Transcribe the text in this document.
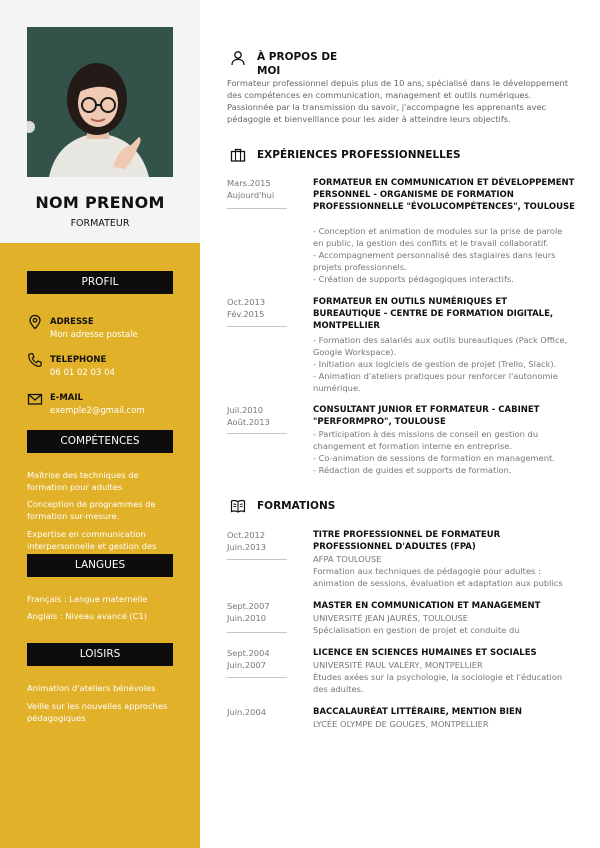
NOM PRENOM
FORMATEUR
PROFIL
ADRESSE
Mon adresse postale
TELEPHONE
06 01 02 03 04
E-MAIL
exemple2@gmail.com
COMPÉTENCES
Maîtrise des techniques de formation pour adultes
Conception de programmes de formation sur-mesure.
Expertise en communication interpersonnelle et gestion des
LANGUES
Français : Langue maternelle
Anglais : Niveau avancé (C1)
LOISIRS
Animation d'ateliers bénévoles
Veille sur les nouvelles approches pédagogiques
À PROPOS DE
MOI
Formateur professionnel depuis plus de 10 ans, spécialisé dans le développement des compétences en communication, management et outils numériques. Passionnée par la transmission du savoir, j'accompagne les apprenants avec pédagogie et bienveillance pour les aider à atteindre leurs objectifs.
EXPÉRIENCES PROFESSIONNELLES
Mars.2015
Aujourd'hui
FORMATEUR EN COMMUNICATION ET DÉVELOPPEMENT PERSONNEL - ORGANISME DE FORMATION PROFESSIONNELLE "ÉVOLUCOMPÉTENCES", TOULOUSE
- Conception et animation de modules sur la prise de parole en public, la gestion des conflits et le travail collaboratif.
- Accompagnement personnalisé des stagiaires dans leurs projets professionnels.
- Création de supports pédagogiques interactifs.
Oct.2013
Fév.2015
FORMATEUR EN OUTILS NUMÉRIQUES ET BUREAUTIQUE - CENTRE DE FORMATION DIGITALE, MONTPELLIER
- Formation des salariés aux outils bureautiques (Pack Office, Google Workspace).
- Initiation aux logiciels de gestion de projet (Trello, Slack).
- Animation d'ateliers pratiques pour renforcer l'autonomie numérique.
Juil.2010
Août.2013
CONSULTANT JUNIOR ET FORMATEUR - CABINET "PERFORMPRO", TOULOUSE
- Participation à des missions de conseil en gestion du changement et formation interne en entreprise.
- Co-animation de sessions de formation en management.
- Rédaction de guides et supports de formation.
FORMATIONS
Oct.2012
Juin.2013
TITRE PROFESSIONNEL DE FORMATEUR PROFESSIONNEL D'ADULTES (FPA)
AFPA TOULOUSE
Formation aux techniques de pédagogie pour adultes : animation de sessions, évaluation et adaptation aux publics
Sept.2007
Juin.2010
MASTER EN COMMUNICATION ET MANAGEMENT
UNIVERSITÉ JEAN JAURÈS, TOULOUSE
Spécialisation en gestion de projet et conduite du
Sept.2004
Juin.2007
LICENCE EN SCIENCES HUMAINES ET SOCIALES
UNIVERSITÉ PAUL VALÉRY, MONTPELLIER
Études axées sur la psychologie, la sociologie et l'éducation des adultes.
Juin.2004	BACCALAURÉAT LITTÉRAIRE, MENTION BIEN
LYCÉE OLYMPE DE GOUGES, MONTPELLIER
